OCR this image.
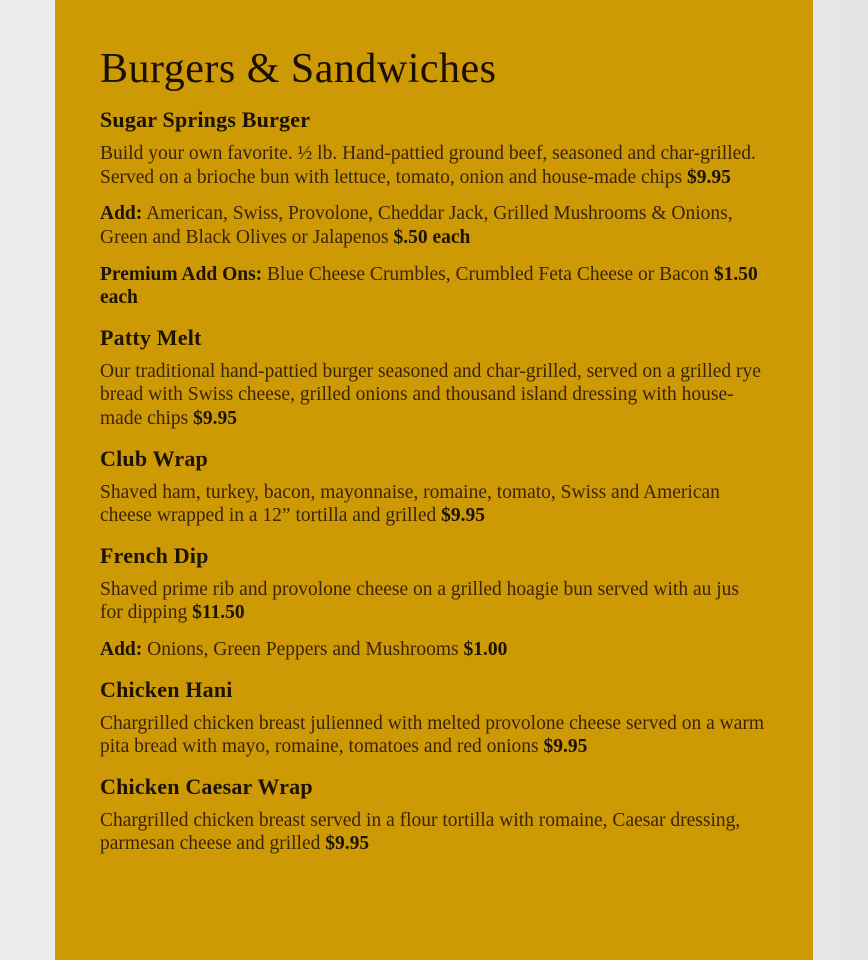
Burgers & Sandwiches
Sugar Springs Burger

Build your own favorite. ½ lb. Hand-pattied ground beef, seasoned and char-grilled. Served on a brioche bun with lettuce, tomato, onion and house-made chips $9.95

Add: American, Swiss, Provolone, Cheddar Jack, Grilled Mushrooms & Onions, Green and Black Olives or Jalapenos $.50 each

Premium Add Ons: Blue Cheese Crumbles, Crumbled Feta Cheese or Bacon $1.50 each

Patty Melt

Our traditional hand-pattied burger seasoned and char-grilled, served on a grilled rye bread with Swiss cheese, grilled onions and thousand island dressing with house-made chips $9.95

Club Wrap

Shaved ham, turkey, bacon, mayonnaise, romaine, tomato, Swiss and American cheese wrapped in a 12” tortilla and grilled $9.95

French Dip

Shaved prime rib and provolone cheese on a grilled hoagie bun served with au jus for dipping $11.50

Add: Onions, Green Peppers and Mushrooms $1.00

Chicken Hani

Chargrilled chicken breast julienned with melted provolone cheese served on a warm pita bread with mayo, romaine, tomatoes and red onions $9.95

Chicken Caesar Wrap

Chargrilled chicken breast served in a flour tortilla with romaine, Caesar dressing, parmesan cheese and grilled $9.95
